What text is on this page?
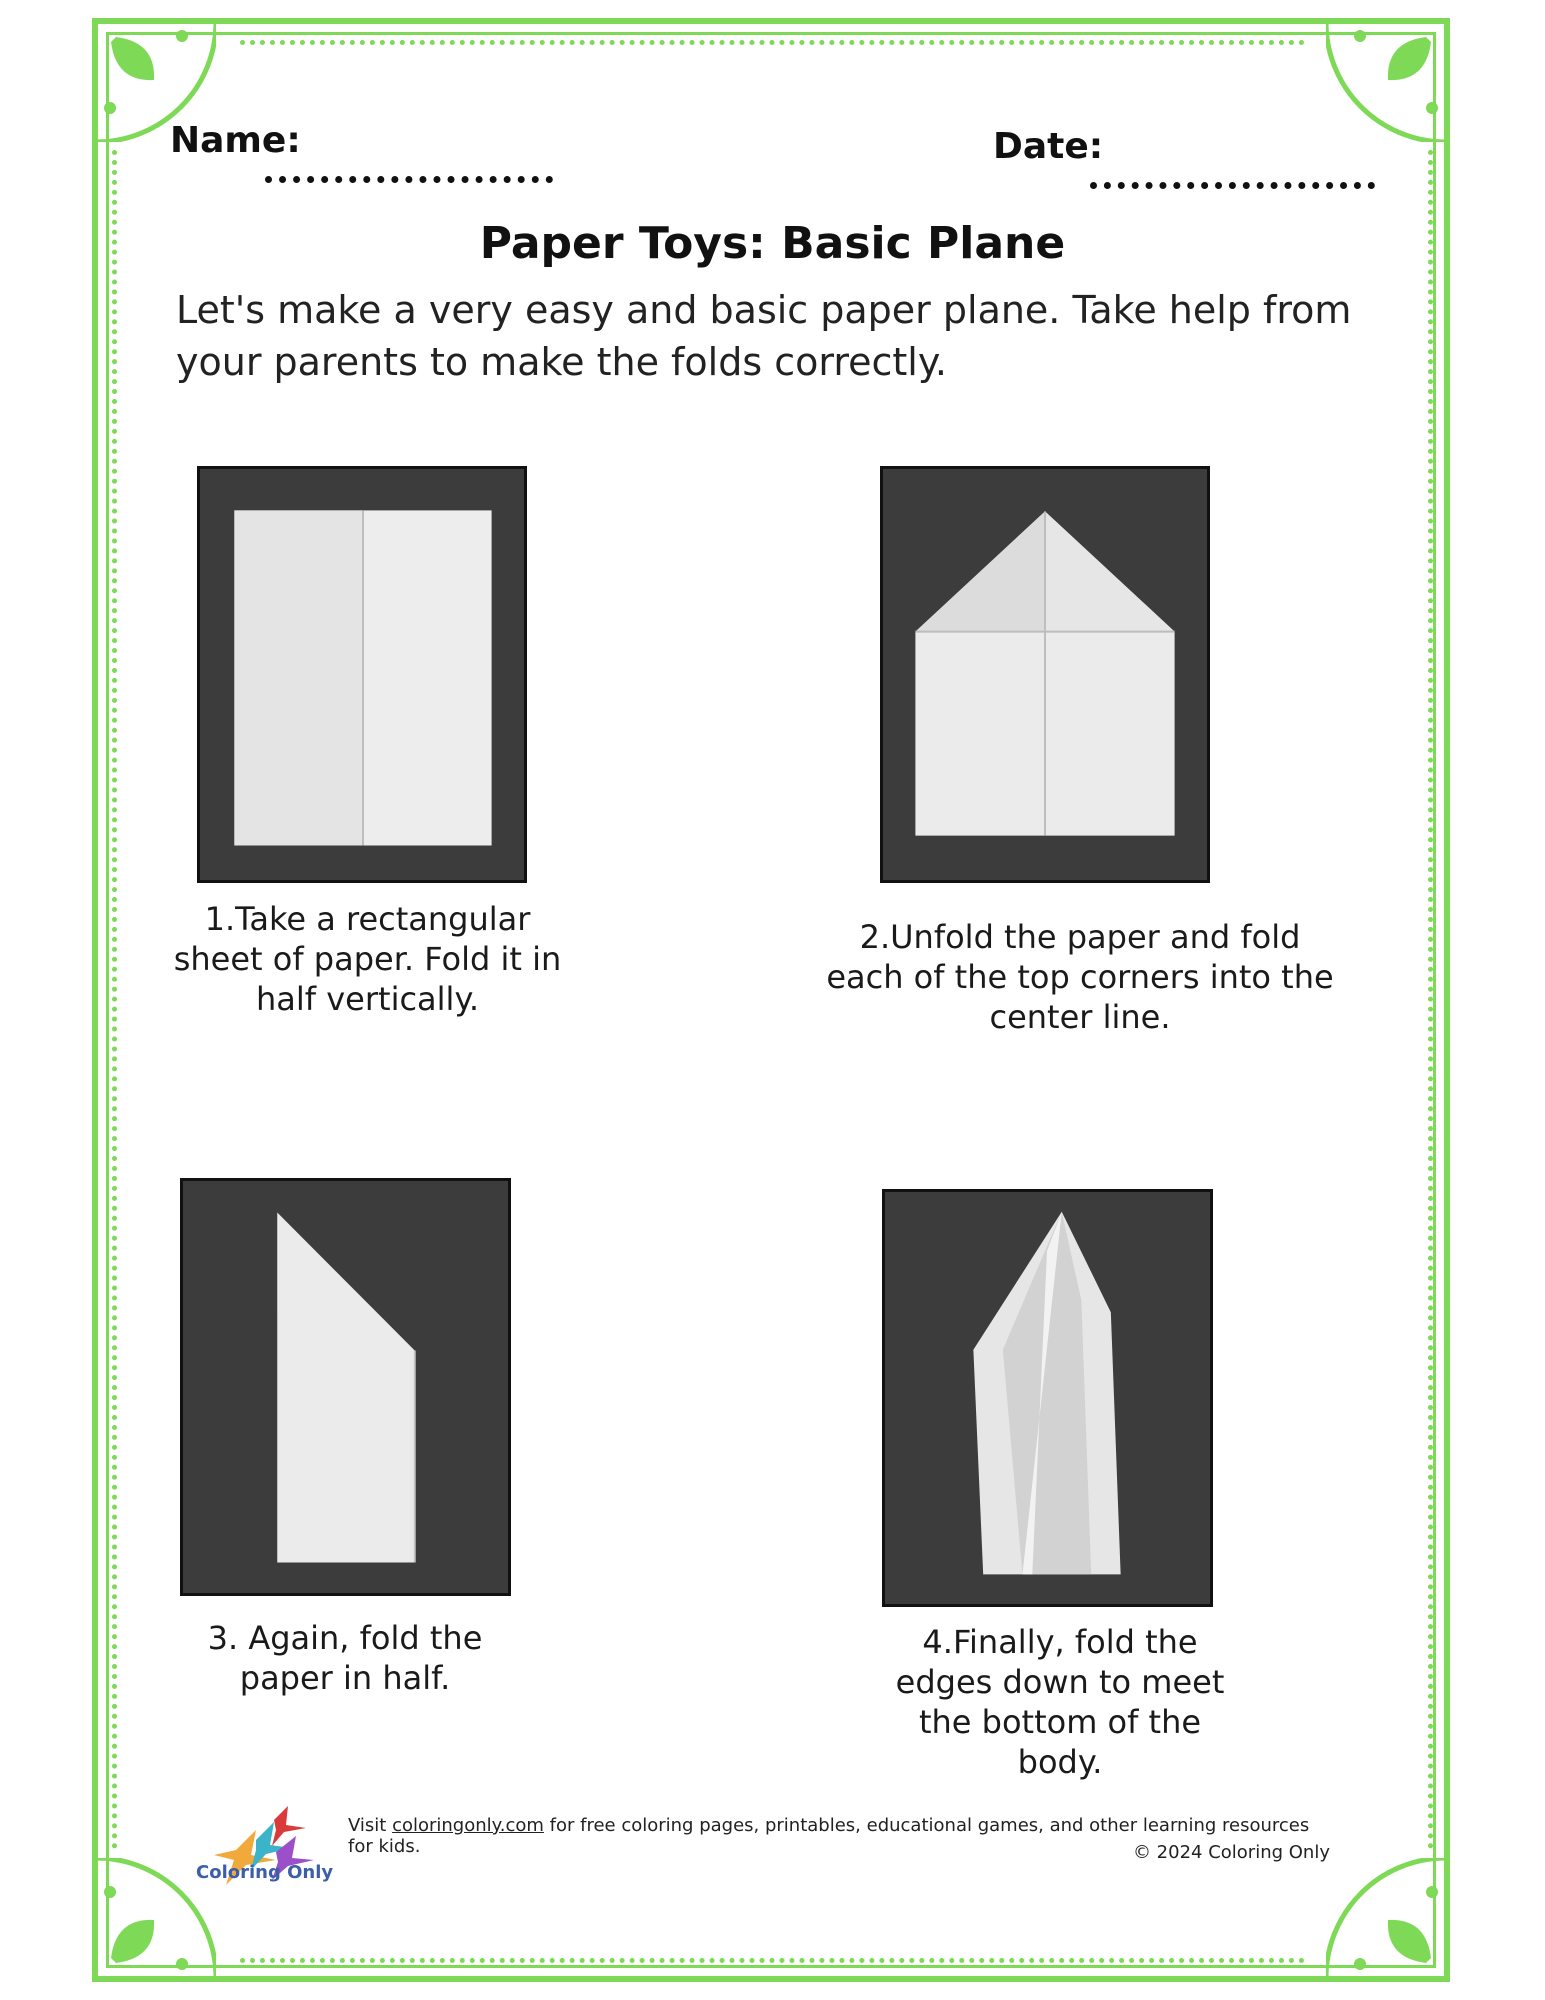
Name:	Date:
Paper Toys: Basic Plane
Let's make a very easy and basic paper plane. Take help from your parents to make the folds correctly.
1.Take a rectangular sheet of paper. Fold it in half vertically.
2.Unfold the paper and fold each of the top corners into the center line.
3. Again, fold the paper in half.
4.Finally, fold the edges down to meet the bottom of the body.
Coloring Only
Visit coloringonly.com for free coloring pages, printables, educational games, and other learning resources for kids.	© 2024 Coloring Only
